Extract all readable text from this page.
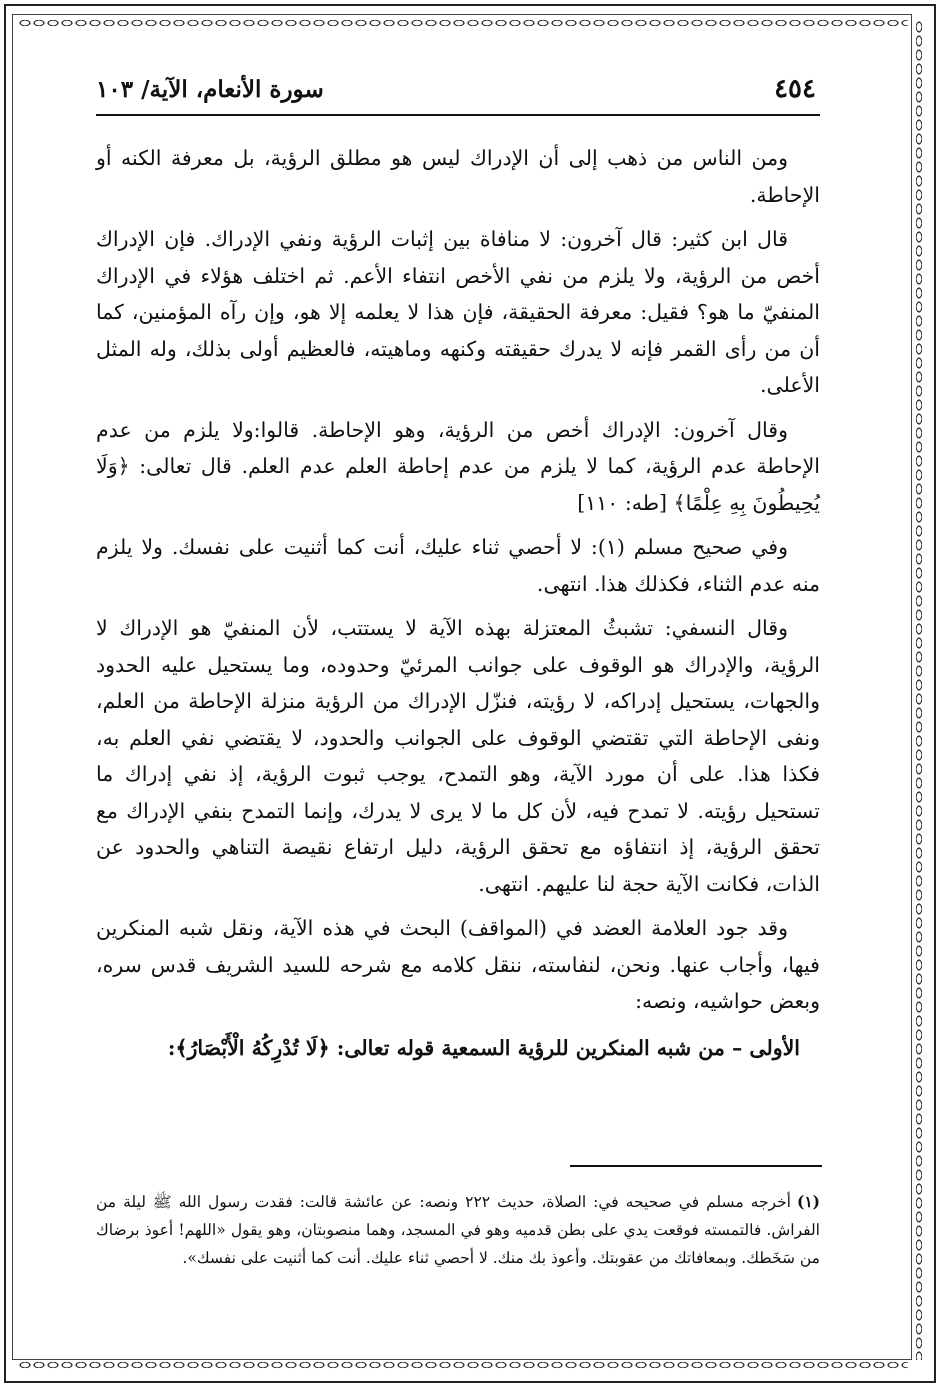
٤٥٤
سورة الأنعام، الآية/ ١٠٣

ومن الناس من ذهب إلى أن الإدراك ليس هو مطلق الرؤية، بل معرفة الكنه أو الإحاطة.

قال ابن كثير: قال آخرون: لا منافاة بين إثبات الرؤية ونفي الإدراك. فإن الإدراك أخص من الرؤية، ولا يلزم من نفي الأخص انتفاء الأعم. ثم اختلف هؤلاء في الإدراك المنفيّ ما هو؟ فقيل: معرفة الحقيقة، فإن هذا لا يعلمه إلا هو، وإن رآه المؤمنين، كما أن من رأى القمر فإنه لا يدرك حقيقته وكنهه وماهيته، فالعظيم أولى بذلك، وله المثل الأعلى.

وقال آخرون: الإدراك أخص من الرؤية، وهو الإحاطة. قالوا:ولا يلزم من عدم الإحاطة عدم الرؤية، كما لا يلزم من عدم إحاطة العلم عدم العلم. قال تعالى: ﴿وَلَا يُحِيطُونَ بِهِ عِلْمًا﴾ [طه: ١١٠]

وفي صحيح مسلم (١): لا أحصي ثناء عليك، أنت كما أثنيت على نفسك. ولا يلزم منه عدم الثناء، فكذلك هذا. انتهى.

وقال النسفي: تشبثُ المعتزلة بهذه الآية لا يستتب، لأن المنفيّ هو الإدراك لا الرؤية، والإدراك هو الوقوف على جوانب المرئيّ وحدوده، وما يستحيل عليه الحدود والجهات، يستحيل إدراكه، لا رؤيته، فنزّل الإدراك من الرؤية منزلة الإحاطة من العلم، ونفى الإحاطة التي تقتضي الوقوف على الجوانب والحدود، لا يقتضي نفي العلم به، فكذا هذا. على أن مورد الآية، وهو التمدح، يوجب ثبوت الرؤية، إذ نفي إدراك ما تستحيل رؤيته. لا تمدح فيه، لأن كل ما لا يرى لا يدرك، وإنما التمدح بنفي الإدراك مع تحقق الرؤية، إذ انتفاؤه مع تحقق الرؤية، دليل ارتفاع نقيصة التناهي والحدود عن الذات، فكانت الآية حجة لنا عليهم. انتهى.

وقد جود العلامة العضد في (المواقف) البحث في هذه الآية، ونقل شبه المنكرين فيها، وأجاب عنها. ونحن، لنفاسته، ننقل كلامه مع شرحه للسيد الشريف قدس سره، وبعض حواشيه، ونصه:

الأولى – من شبه المنكرين للرؤية السمعية قوله تعالى: ﴿لَا تُدْرِكُهُ الْأَبْصَارُ﴾:

(١)أخرجه مسلم في صحيحه في: الصلاة، حديث ٢٢٢ ونصه: عن عائشة قالت: فقدت رسول الله ﷺ ليلة من الفراش. فالتمسته فوقعت يدي على بطن قدميه وهو في المسجد، وهما منصوبتان، وهو يقول «اللهم! أعوذ برضاك من سَخَطك. وبمعافاتك من عقوبتك. وأعوذ بك منك. لا أحصي ثناء عليك. أنت كما أثنيت على نفسك».
